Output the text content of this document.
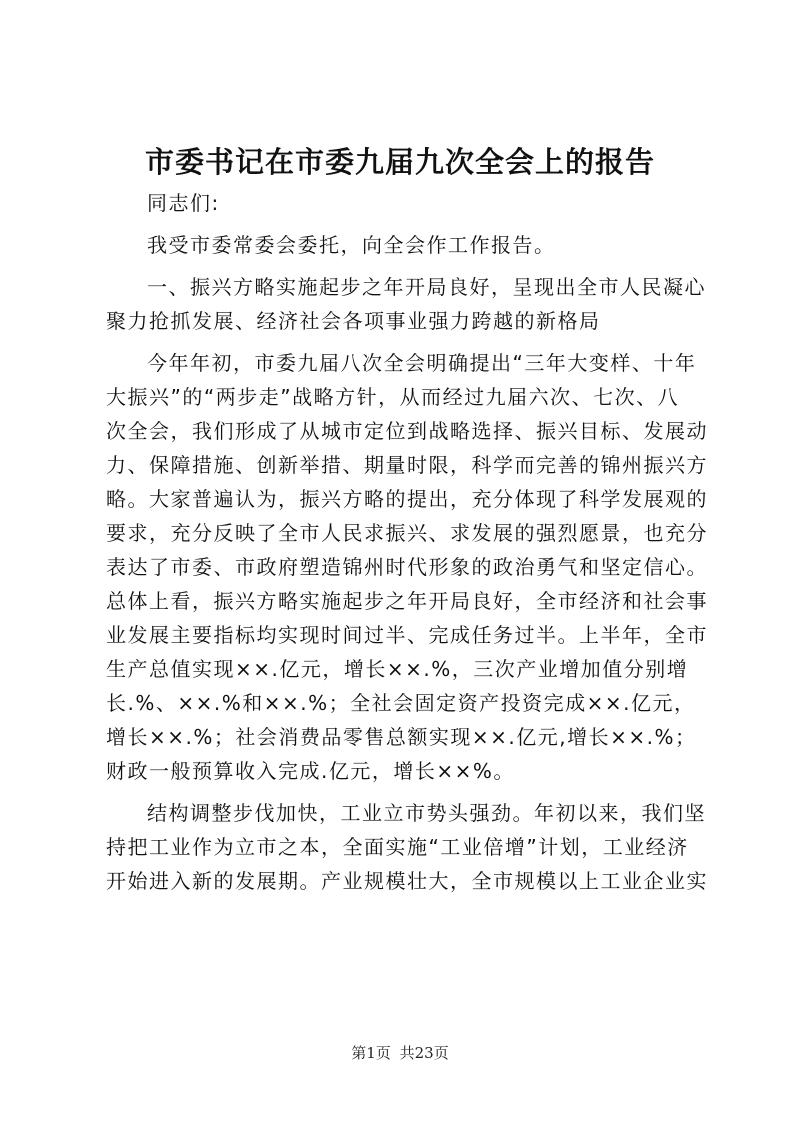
市委书记在市委九届九次全会上的报告
同志们:
我受市委常委会委托，向全会作工作报告。
一、振兴方略实施起步之年开局良好，呈现出全市人民凝心
聚力抢抓发展、经济社会各项事业强力跨越的新格局
今年年初，市委九届八次全会明确提出“三年大变样、十年
大振兴”的“两步走”战略方针，从而经过九届六次、七次、八
次全会，我们形成了从城市定位到战略选择、振兴目标、发展动
力、保障措施、创新举措、期量时限，科学而完善的锦州振兴方
略。大家普遍认为，振兴方略的提出，充分体现了科学发展观的
要求，充分反映了全市人民求振兴、求发展的强烈愿景，也充分
表达了市委、市政府塑造锦州时代形象的政治勇气和坚定信心。
总体上看，振兴方略实施起步之年开局良好，全市经济和社会事
业发展主要指标均实现时间过半、完成任务过半。上半年，全市
生产总值实现××.亿元，增长××.%，三次产业增加值分别增
长.%、××.%和××.%；全社会固定资产投资完成××.亿元，
增长××.%；社会消费品零售总额实现××.亿元,增长××.%；
财政一般预算收入完成.亿元，增长××%。
结构调整步伐加快，工业立市势头强劲。年初以来，我们坚
持把工业作为立市之本，全面实施“工业倍增”计划，工业经济
开始进入新的发展期。产业规模壮大，全市规模以上工业企业实
第1页 共23页
